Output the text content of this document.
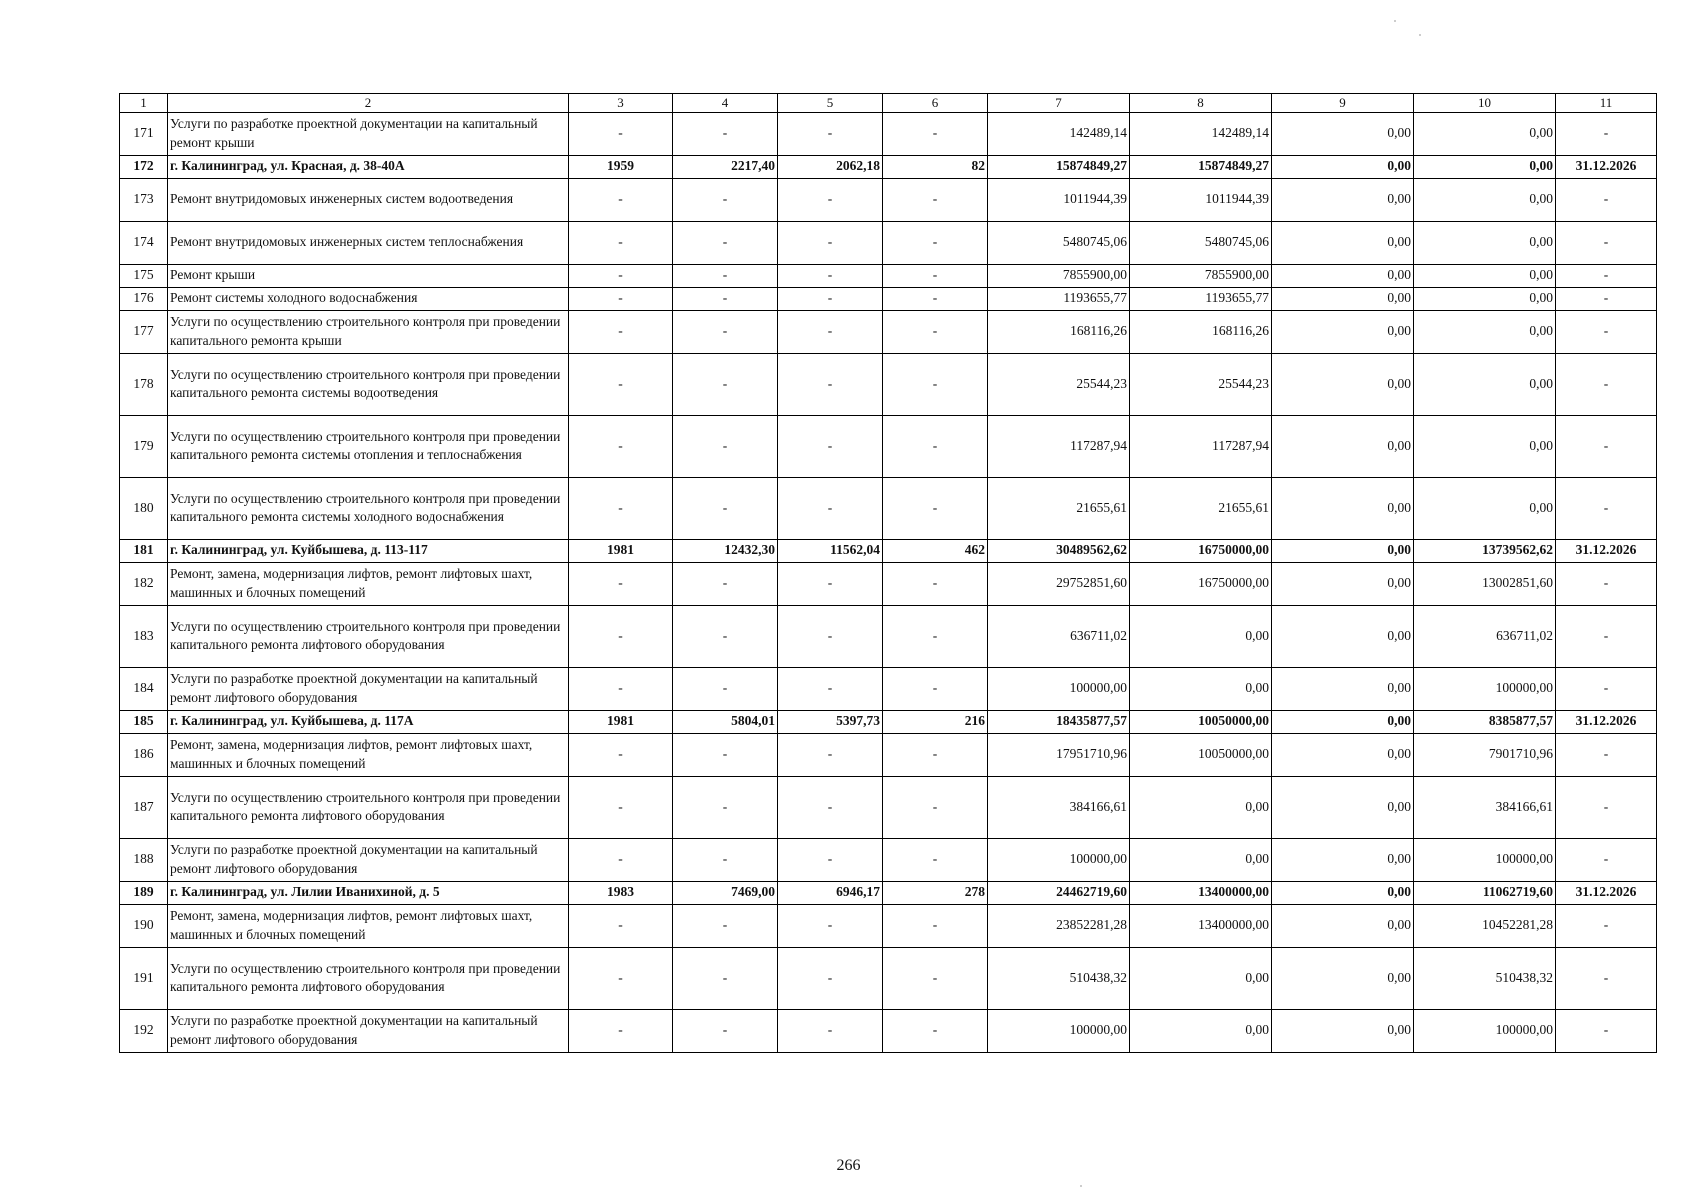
1	2	3	4	5	6	7	8	9	10	11
171	Услуги по разработке проектной документации на капитальный ремонт крыши	-	-	-	-	142489,14	142489,14	0,00	0,00	-
172	г. Калининград, ул. Красная, д. 38-40А	1959	2217,40	2062,18	82	15874849,27	15874849,27	0,00	0,00	31.12.2026
173	Ремонт внутридомовых инженерных систем водоотведения	-	-	-	-	1011944,39	1011944,39	0,00	0,00	-
174	Ремонт внутридомовых инженерных систем теплоснабжения	-	-	-	-	5480745,06	5480745,06	0,00	0,00	-
175	Ремонт крыши	-	-	-	-	7855900,00	7855900,00	0,00	0,00	-
176	Ремонт системы холодного водоснабжения	-	-	-	-	1193655,77	1193655,77	0,00	0,00	-
177	Услуги по осуществлению строительного контроля при проведении капитального ремонта крыши	-	-	-	-	168116,26	168116,26	0,00	0,00	-
178	Услуги по осуществлению строительного контроля при проведении капитального ремонта системы водоотведения	-	-	-	-	25544,23	25544,23	0,00	0,00	-
179	Услуги по осуществлению строительного контроля при проведении капитального ремонта системы отопления и теплоснабжения	-	-	-	-	117287,94	117287,94	0,00	0,00	-
180	Услуги по осуществлению строительного контроля при проведении капитального ремонта системы холодного водоснабжения	-	-	-	-	21655,61	21655,61	0,00	0,00	-
181	г. Калининград, ул. Куйбышева, д. 113-117	1981	12432,30	11562,04	462	30489562,62	16750000,00	0,00	13739562,62	31.12.2026
182	Ремонт, замена, модернизация лифтов, ремонт лифтовых шахт, машинных и блочных помещений	-	-	-	-	29752851,60	16750000,00	0,00	13002851,60	-
183	Услуги по осуществлению строительного контроля при проведении капитального ремонта лифтового оборудования	-	-	-	-	636711,02	0,00	0,00	636711,02	-
184	Услуги по разработке проектной документации на капитальный ремонт лифтового оборудования	-	-	-	-	100000,00	0,00	0,00	100000,00	-
185	г. Калининград, ул. Куйбышева, д. 117А	1981	5804,01	5397,73	216	18435877,57	10050000,00	0,00	8385877,57	31.12.2026
186	Ремонт, замена, модернизация лифтов, ремонт лифтовых шахт, машинных и блочных помещений	-	-	-	-	17951710,96	10050000,00	0,00	7901710,96	-
187	Услуги по осуществлению строительного контроля при проведении капитального ремонта лифтового оборудования	-	-	-	-	384166,61	0,00	0,00	384166,61	-
188	Услуги по разработке проектной документации на капитальный ремонт лифтового оборудования	-	-	-	-	100000,00	0,00	0,00	100000,00	-
189	г. Калининград, ул. Лилии Иванихиной, д. 5	1983	7469,00	6946,17	278	24462719,60	13400000,00	0,00	11062719,60	31.12.2026
190	Ремонт, замена, модернизация лифтов, ремонт лифтовых шахт, машинных и блочных помещений	-	-	-	-	23852281,28	13400000,00	0,00	10452281,28	-
191	Услуги по осуществлению строительного контроля при проведении капитального ремонта лифтового оборудования	-	-	-	-	510438,32	0,00	0,00	510438,32	-
192	Услуги по разработке проектной документации на капитальный ремонт лифтового оборудования	-	-	-	-	100000,00	0,00	0,00	100000,00	-
266
